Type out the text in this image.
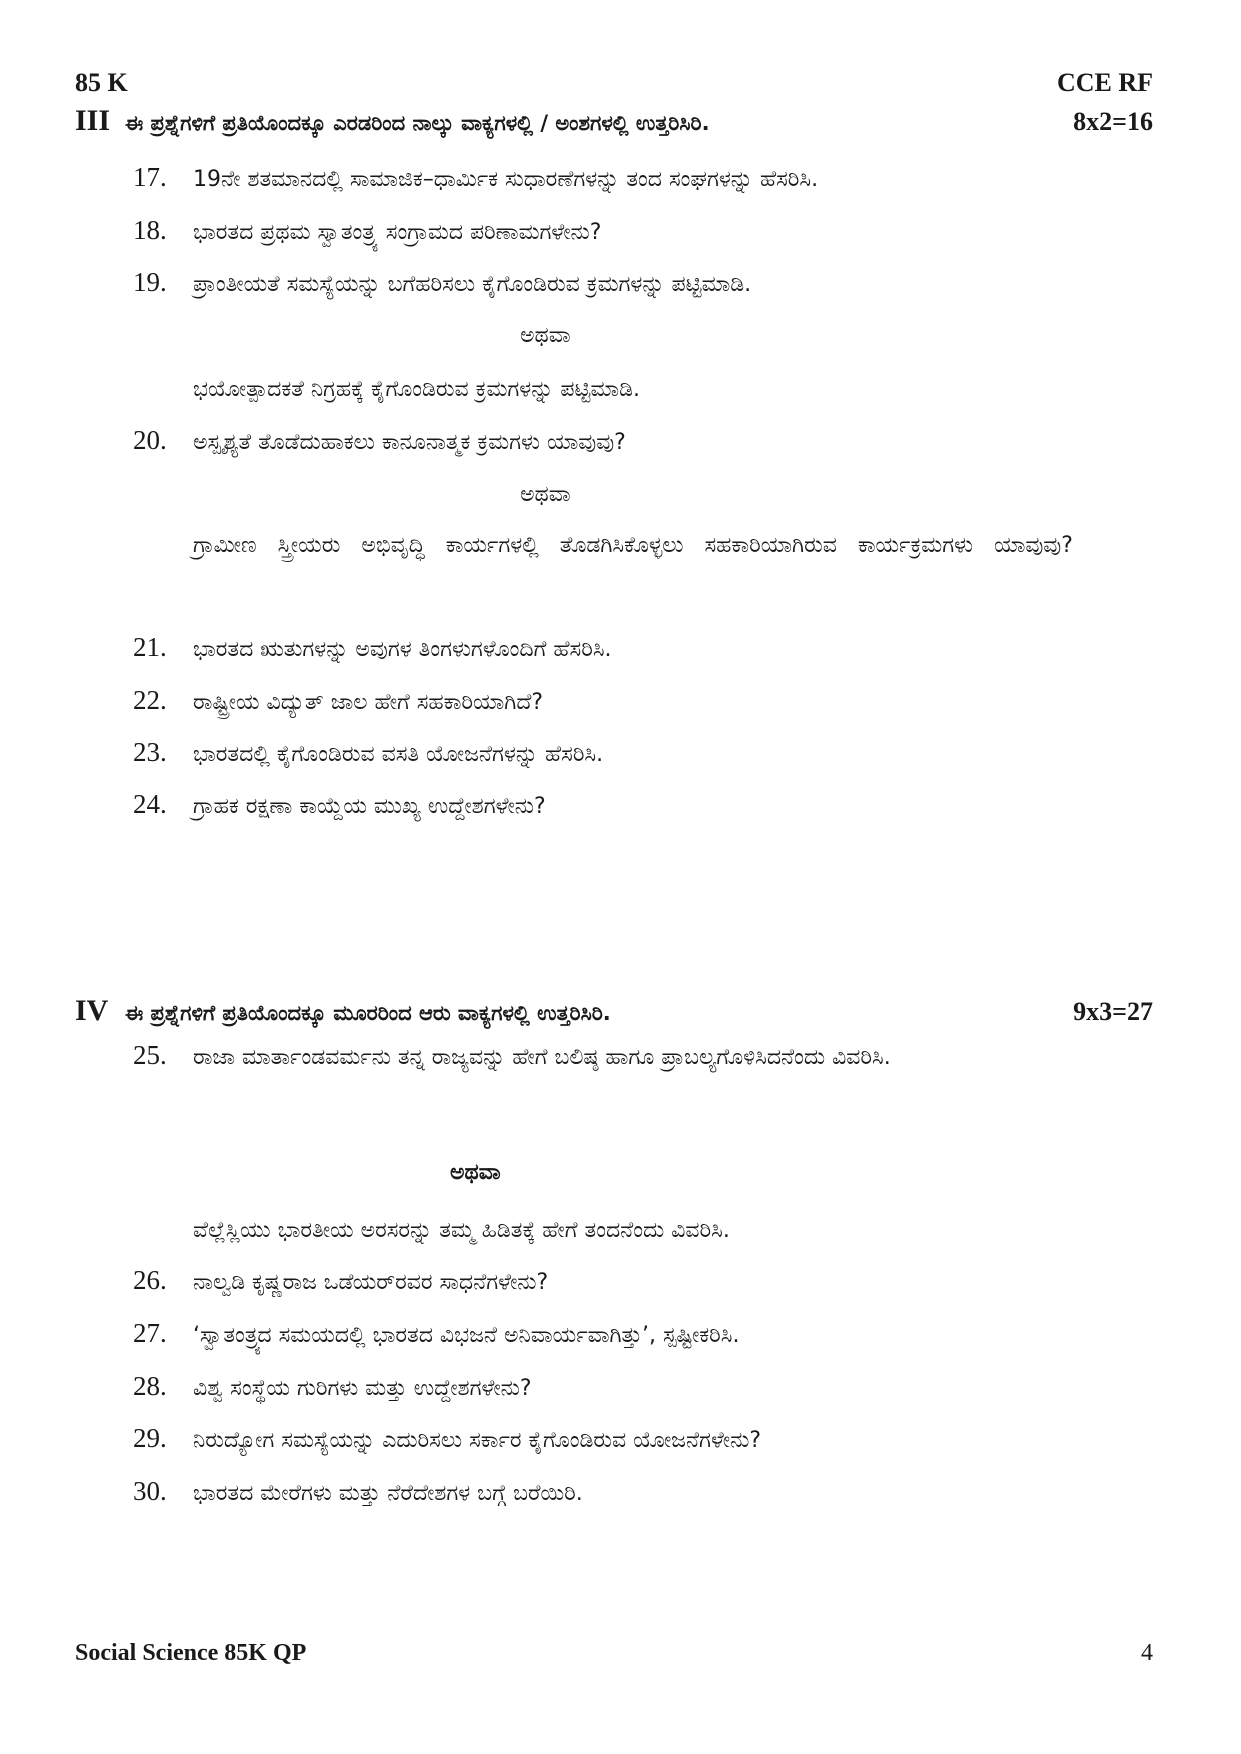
85 K	CCE RF
III ಈ ಪ್ರಶ್ನೆಗಳಿಗೆ ಪ್ರತಿಯೊಂದಕ್ಕೂ ಎರಡರಿಂದ ನಾಲ್ಕು ವಾಕ್ಯಗಳಲ್ಲಿ / ಅಂಶಗಳಲ್ಲಿ ಉತ್ತರಿಸಿರಿ.	8x2=16
17.	19ನೇ ಶತಮಾನದಲ್ಲಿ ಸಾಮಾಜಿಕ–ಧಾರ್ಮಿಕ ಸುಧಾರಣೆಗಳನ್ನು ತಂದ ಸಂಘಗಳನ್ನು ಹೆಸರಿಸಿ.
18.	ಭಾರತದ ಪ್ರಥಮ ಸ್ವಾತಂತ್ರ್ಯ ಸಂಗ್ರಾಮದ ಪರಿಣಾಮಗಳೇನು?
19.	ಪ್ರಾಂತೀಯತೆ ಸಮಸ್ಯೆಯನ್ನು ಬಗೆಹರಿಸಲು ಕೈಗೊಂಡಿರುವ ಕ್ರಮಗಳನ್ನು ಪಟ್ಟಿಮಾಡಿ.
ಅಥವಾ
ಭಯೋತ್ಪಾದಕತೆ ನಿಗ್ರಹಕ್ಕೆ ಕೈಗೊಂಡಿರುವ ಕ್ರಮಗಳನ್ನು ಪಟ್ಟಿಮಾಡಿ.
20.	ಅಸ್ಪೃಶ್ಯತೆ ತೊಡೆದುಹಾಕಲು ಕಾನೂನಾತ್ಮಕ ಕ್ರಮಗಳು ಯಾವುವು?
ಅಥವಾ
ಗ್ರಾಮೀಣ ಸ್ತ್ರೀಯರು ಅಭಿವೃದ್ಧಿ ಕಾರ್ಯಗಳಲ್ಲಿ ತೊಡಗಿಸಿಕೊಳ್ಳಲು ಸಹಕಾರಿಯಾಗಿರುವ ಕಾರ್ಯಕ್ರಮಗಳು ಯಾವುವು?
21.	ಭಾರತದ ಋತುಗಳನ್ನು ಅವುಗಳ ತಿಂಗಳುಗಳೊಂದಿಗೆ ಹೆಸರಿಸಿ.
22.	ರಾಷ್ಟ್ರೀಯ ವಿದ್ಯುತ್ ಜಾಲ ಹೇಗೆ ಸಹಕಾರಿಯಾಗಿದೆ?
23.	ಭಾರತದಲ್ಲಿ ಕೈಗೊಂಡಿರುವ ವಸತಿ ಯೋಜನೆಗಳನ್ನು ಹೆಸರಿಸಿ.
24.	ಗ್ರಾಹಕ ರಕ್ಷಣಾ ಕಾಯ್ದೆಯ ಮುಖ್ಯ ಉದ್ದೇಶಗಳೇನು?
IV ಈ ಪ್ರಶ್ನೆಗಳಿಗೆ ಪ್ರತಿಯೊಂದಕ್ಕೂ ಮೂರರಿಂದ ಆರು ವಾಕ್ಯಗಳಲ್ಲಿ ಉತ್ತರಿಸಿರಿ.	9x3=27
25.	ರಾಜಾ ಮಾರ್ತಾಂಡವರ್ಮನು ತನ್ನ ರಾಜ್ಯವನ್ನು ಹೇಗೆ ಬಲಿಷ್ಠ ಹಾಗೂ ಪ್ರಾಬಲ್ಯಗೊಳಿಸಿದನೆಂದು ವಿವರಿಸಿ.
ಅಥವಾ
ವೆಲ್ಲೆಸ್ಲಿಯು ಭಾರತೀಯ ಅರಸರನ್ನು ತಮ್ಮ ಹಿಡಿತಕ್ಕೆ ಹೇಗೆ ತಂದನೆಂದು ವಿವರಿಸಿ.
26.	ನಾಲ್ವಡಿ ಕೃಷ್ಣರಾಜ ಒಡೆಯರ್‌ರವರ ಸಾಧನೆಗಳೇನು?
27.	‘ಸ್ವಾತಂತ್ರ್ಯದ ಸಮಯದಲ್ಲಿ ಭಾರತದ ವಿಭಜನೆ ಅನಿವಾರ್ಯವಾಗಿತ್ತು’, ಸ್ಪಷ್ಟೀಕರಿಸಿ.
28.	ವಿಶ್ವ ಸಂಸ್ಥೆಯ ಗುರಿಗಳು ಮತ್ತು ಉದ್ದೇಶಗಳೇನು?
29.	ನಿರುದ್ಯೋಗ ಸಮಸ್ಯೆಯನ್ನು ಎದುರಿಸಲು ಸರ್ಕಾರ ಕೈಗೊಂಡಿರುವ ಯೋಜನೆಗಳೇನು?
30.	ಭಾರತದ ಮೇರೆಗಳು ಮತ್ತು ನೆರೆದೇಶಗಳ ಬಗ್ಗೆ ಬರೆಯಿರಿ.
Social Science 85K QP	4
